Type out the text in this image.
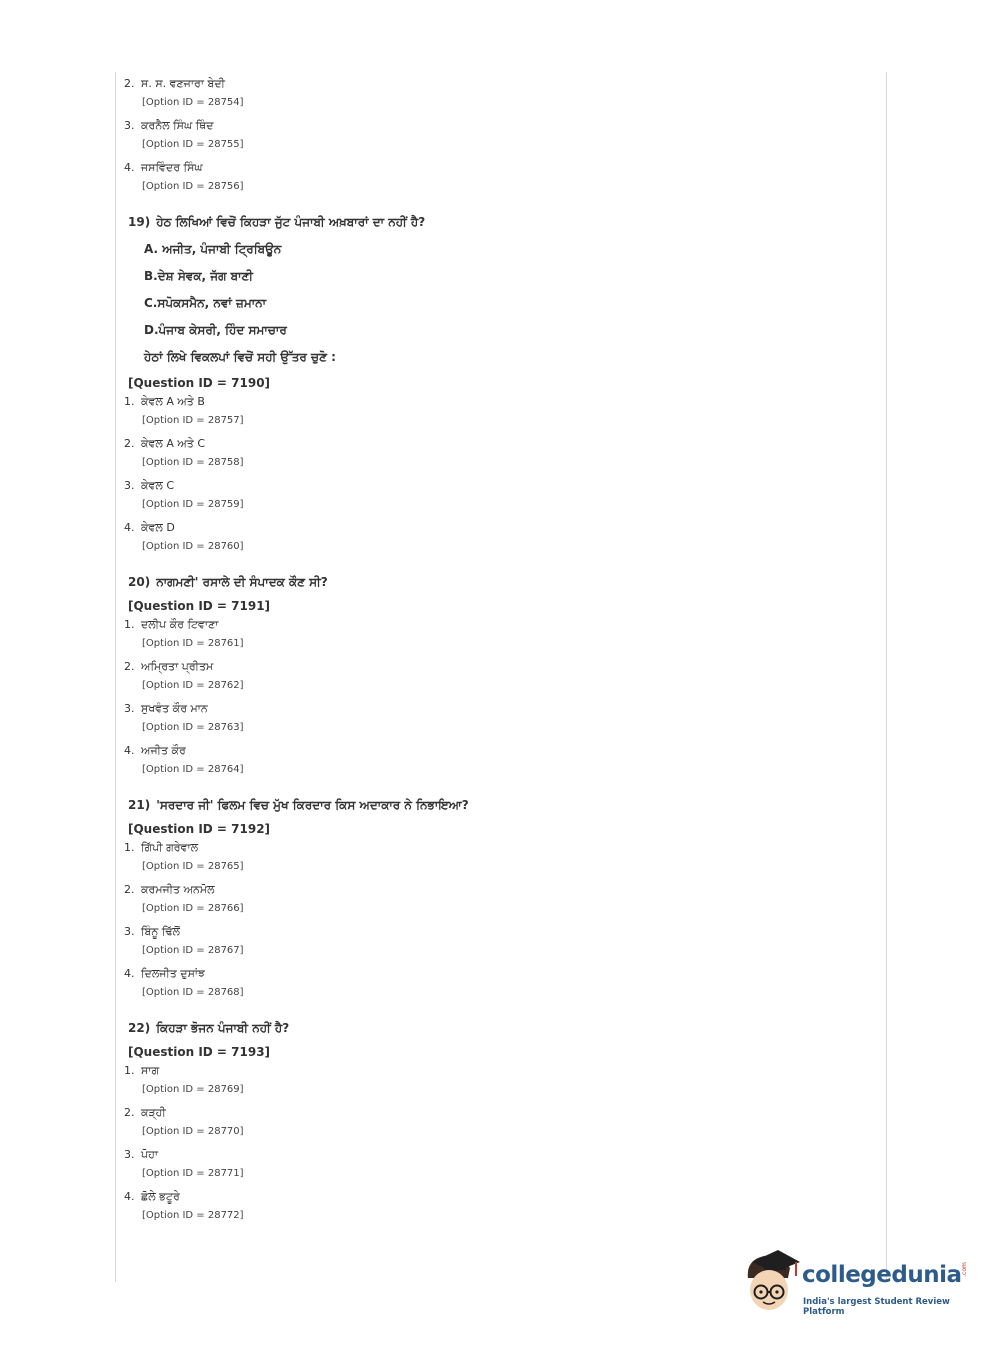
2. ਸ. ਸ. ਵਣਜਾਰਾ ਬੇਦੀ

[Option ID = 28754]

3. ਕਰਨੈਲ ਸਿੰਘ ਥਿੰਦ

[Option ID = 28755]

4. ਜਸਵਿੰਦਰ ਸਿੰਘ

[Option ID = 28756]
19) ਹੇਠ ਲਿਖਿਆਂ ਵਿਚੋਂ ਕਿਹੜਾ ਜੁੱਟ ਪੰਜਾਬੀ ਅਖ਼ਬਾਰਾਂ ਦਾ ਨਹੀਂ ਹੈ?
A. ਅਜੀਤ, ਪੰਜਾਬੀ ਟ੍ਰਿਬਿਊਨ
B.ਦੇਸ਼ ਸੇਵਕ, ਜੱਗ ਬਾਣੀ
C.ਸਪੋਕਸਮੈਨ, ਨਵਾਂ ਜ਼ਮਾਨਾ
D.ਪੰਜਾਬ ਕੇਸਰੀ, ਹਿੰਦ ਸਮਾਚਾਰ
ਹੇਠਾਂ ਲਿਖੇ ਵਿਕਲਪਾਂ ਵਿਚੋਂ ਸਹੀ ਉੱਤਰ ਚੁਣੋ :
[Question ID = 7190]

1. ਕੇਵਲ A ਅਤੇ B

[Option ID = 28757]

2. ਕੇਵਲ A ਅਤੇ C

[Option ID = 28758]

3. ਕੇਵਲ C

[Option ID = 28759]

4. ਕੇਵਲ D

[Option ID = 28760]
20) ਨਾਗਮਣੀ' ਰਸਾਲੇ ਦੀ ਸੰਪਾਦਕ ਕੌਣ ਸੀ?
[Question ID = 7191]

1. ਦਲੀਪ ਕੌਰ ਟਿਵਾਣਾ

[Option ID = 28761]

2. ਅਮ੍ਰਿਤਾ ਪ੍ਰੀਤਮ

[Option ID = 28762]

3. ਸੁਖਵੰਤ ਕੌਰ ਮਾਨ

[Option ID = 28763]

4. ਅਜੀਤ ਕੌਰ

[Option ID = 28764]
21) 'ਸਰਦਾਰ ਜੀ' ਫਿਲਮ ਵਿਚ ਮੁੱਖ ਕਿਰਦਾਰ ਕਿਸ ਅਦਾਕਾਰ ਨੇ ਨਿਭਾਇਆ?
[Question ID = 7192]

1. ਗਿੱਪੀ ਗਰੇਵਾਲ

[Option ID = 28765]

2. ਕਰਮਜੀਤ ਅਨਮੋਲ

[Option ID = 28766]

3. ਬਿੰਨੂ ਢਿੱਲੋਂ

[Option ID = 28767]

4. ਦਿਲਜੀਤ ਦੁਸਾਂਝ

[Option ID = 28768]
22) ਕਿਹੜਾ ਭੋਜਨ ਪੰਜਾਬੀ ਨਹੀਂ ਹੈ?
[Question ID = 7193]

1. ਸਾਗ

[Option ID = 28769]

2. ਕੜ੍ਹੀ

[Option ID = 28770]

3. ਪੋਹਾ

[Option ID = 28771]

4. ਛੋਲੇ ਭਟੂਰੇ

[Option ID = 28772]
collegedunia .com
India's largest Student Review Platform
